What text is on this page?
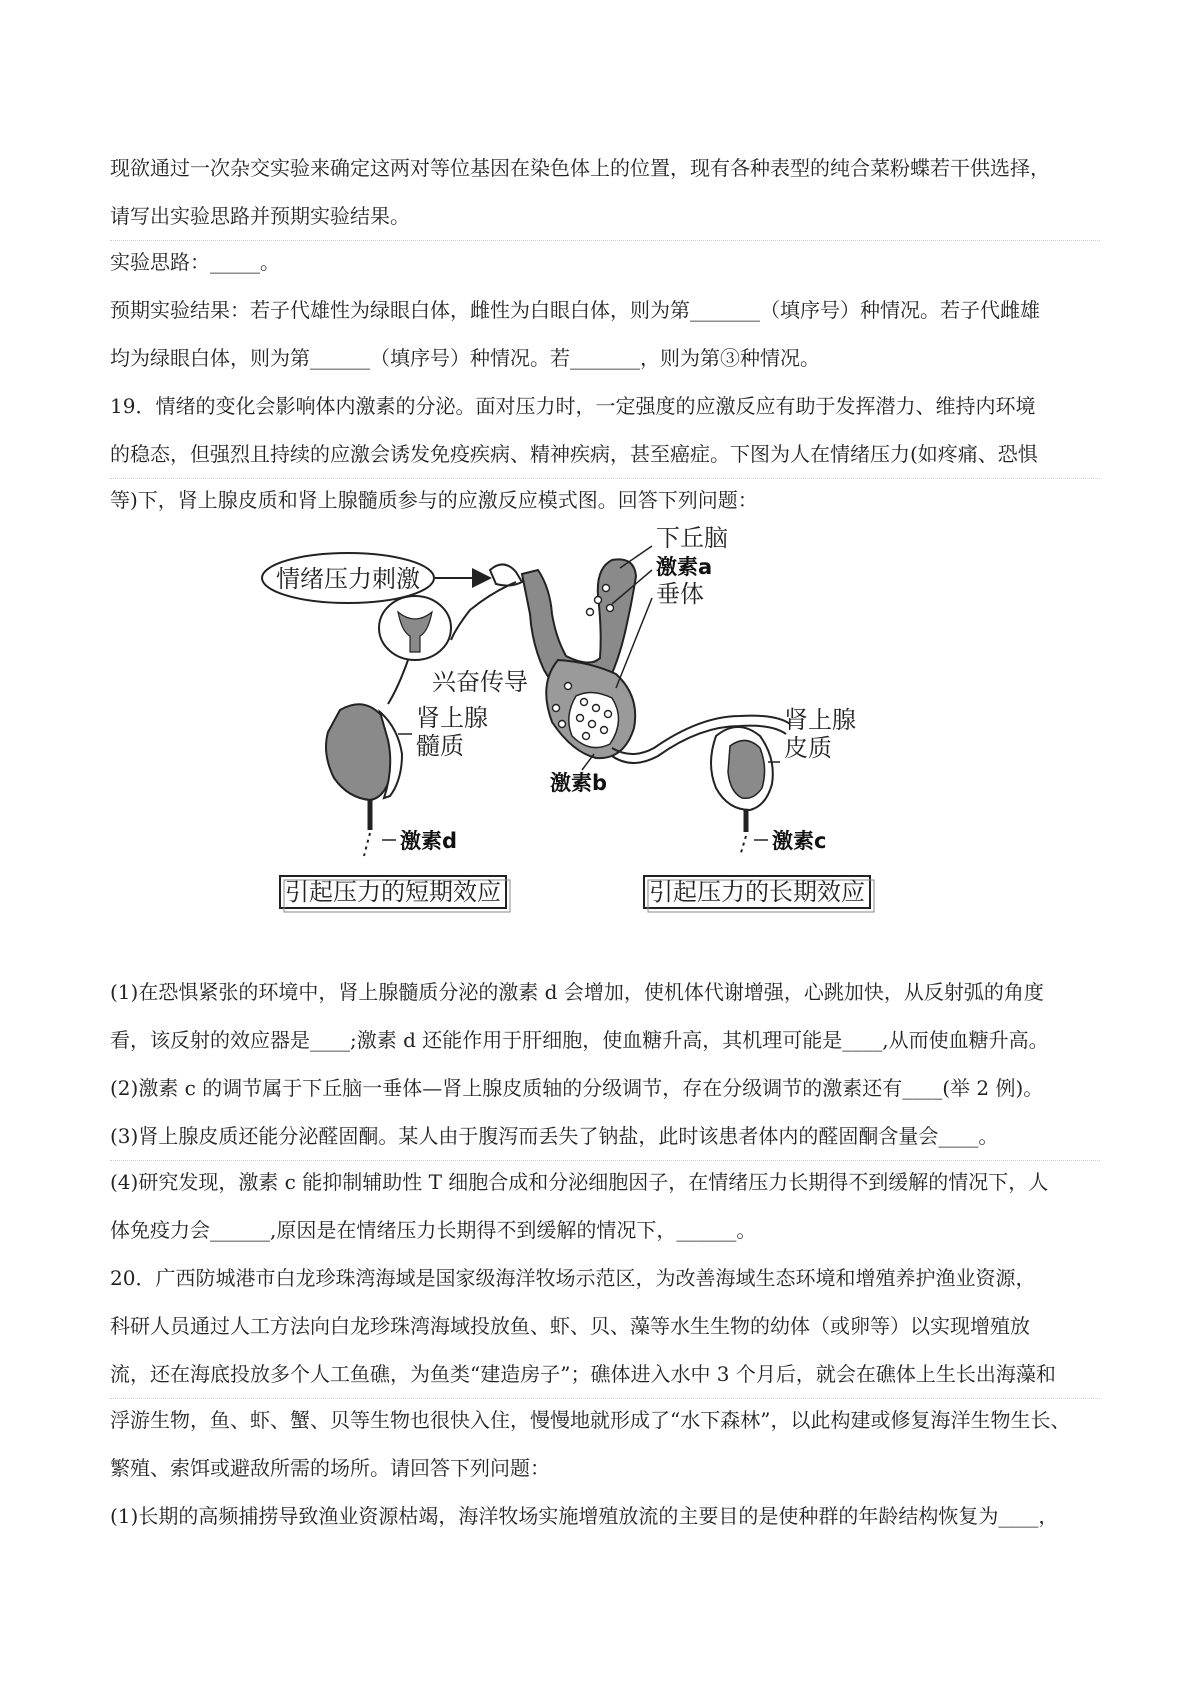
现欲通过一次杂交实验来确定这两对等位基因在染色体上的位置，现有各种表型的纯合菜粉蝶若干供选择，
请写出实验思路并预期实验结果。
实验思路：_____。
预期实验结果：若子代雄性为绿眼白体，雌性为白眼白体，则为第_______（填序号）种情况。若子代雌雄
均为绿眼白体，则为第______（填序号）种情况。若_______，则为第③种情况。
19．情绪的变化会影响体内激素的分泌。面对压力时，一定强度的应激反应有助于发挥潜力、维持内环境
的稳态，但强烈且持续的应激会诱发免疫疾病、精神疾病，甚至癌症。下图为人在情绪压力(如疼痛、恐惧
等)下，肾上腺皮质和肾上腺髓质参与的应激反应模式图。回答下列问题：
情绪压力刺激
下丘脑
激素a
垂体
兴奋传导
肾上腺
髓质
激素b
肾上腺
皮质
激素d	激素c
引起压力的短期效应	引起压力的长期效应
(1)在恐惧紧张的环境中，肾上腺髓质分泌的激素 d 会增加，使机体代谢增强，心跳加快，从反射弧的角度
看，该反射的效应器是____;激素 d 还能作用于肝细胞，使血糖升高，其机理可能是____,从而使血糖升高。
(2)激素 c 的调节属于下丘脑一垂体—肾上腺皮质轴的分级调节，存在分级调节的激素还有____(举 2 例)。
(3)肾上腺皮质还能分泌醛固酮。某人由于腹泻而丢失了钠盐，此时该患者体内的醛固酮含量会____。
(4)研究发现，激素 c 能抑制辅助性 T 细胞合成和分泌细胞因子，在情绪压力长期得不到缓解的情况下，人
体免疫力会______,原因是在情绪压力长期得不到缓解的情况下，______。
20．广西防城港市白龙珍珠湾海域是国家级海洋牧场示范区，为改善海域生态环境和增殖养护渔业资源，
科研人员通过人工方法向白龙珍珠湾海域投放鱼、虾、贝、藻等水生生物的幼体（或卵等）以实现增殖放
流，还在海底投放多个人工鱼礁，为鱼类“建造房子”；礁体进入水中 3 个月后，就会在礁体上生长出海藻和
浮游生物，鱼、虾、蟹、贝等生物也很快入住，慢慢地就形成了“水下森林”，以此构建或修复海洋生物生长、
繁殖、索饵或避敌所需的场所。请回答下列问题：
(1)长期的高频捕捞导致渔业资源枯竭，海洋牧场实施增殖放流的主要目的是使种群的年龄结构恢复为____，
